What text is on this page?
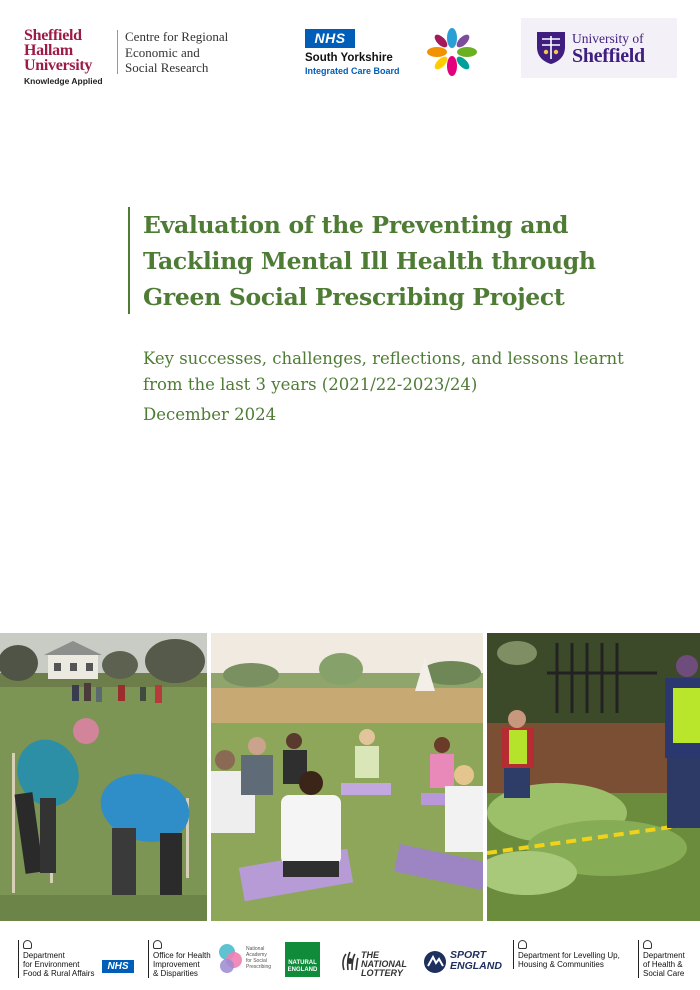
Sheffield
Hallam
University
Knowledge Applied
Centre for Regional
Economic and
Social Research
NHS
South Yorkshire
Integrated Care Board
University of
Sheffield
Evaluation of the Preventing and Tackling Mental Ill Health through Green Social Prescribing Project

Key successes, challenges, reflections, and lessons learnt from the last 3 years (2021/22-2023/24)

December 2024

Department
for Environment
Food & Rural Affairs
NHS
Office for Health
Improvement
& Disparities
National
Academy
for Social
Prescribing
NATURAL
ENGLAND
THE
NATIONAL
LOTTERY
SPORT
ENGLAND
Department for Levelling Up,
Housing & Communities
Department
of Health &
Social Care
